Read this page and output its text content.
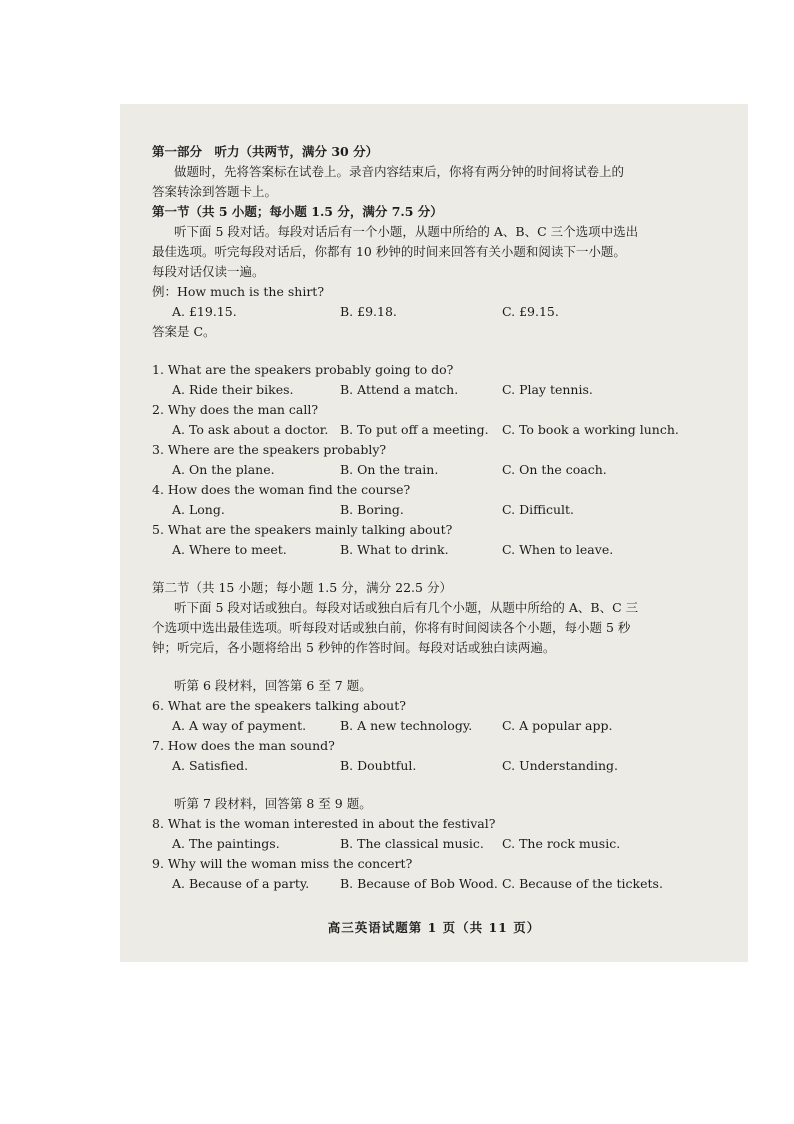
第一部分　听力（共两节，满分 30 分）
做题时，先将答案标在试卷上。录音内容结束后，你将有两分钟的时间将试卷上的
答案转涂到答题卡上。
第一节（共 5 小题；每小题 1.5 分，满分 7.5 分）
听下面 5 段对话。每段对话后有一个小题，从题中所给的 A、B、C 三个选项中选出
最佳选项。听完每段对话后，你都有 10 秒钟的时间来回答有关小题和阅读下一小题。
每段对话仅读一遍。
例：How much is the shirt?
A. £19.15.	B. £9.18.	C. £9.15.
答案是 C。
1. What are the speakers probably going to do?
A. Ride their bikes.	B. Attend a match.	C. Play tennis.
2. Why does the man call?
A. To ask about a doctor. B. To put off a meeting.	C. To book a working lunch.
3. Where are the speakers probably?
A. On the plane.	B. On the train.	C. On the coach.
4. How does the woman find the course?
A. Long.	B. Boring.	C. Difficult.
5. What are the speakers mainly talking about?
A. Where to meet.	B. What to drink.	C. When to leave.
第二节（共 15 小题；每小题 1.5 分，满分 22.5 分）
听下面 5 段对话或独白。每段对话或独白后有几个小题，从题中所给的 A、B、C 三
个选项中选出最佳选项。听每段对话或独白前，你将有时间阅读各个小题，每小题 5 秒
钟；听完后，各小题将给出 5 秒钟的作答时间。每段对话或独白读两遍。
听第 6 段材料，回答第 6 至 7 题。
6. What are the speakers talking about?
A. A way of payment.	B. A new technology.	C. A popular app.
7. How does the man sound?
A. Satisfied.	B. Doubtful.	C. Understanding.
听第 7 段材料，回答第 8 至 9 题。
8. What is the woman interested in about the festival?
A. The paintings.	B. The classical music.	C. The rock music.
9. Why will the woman miss the concert?
A. Because of a party.	B. Because of Bob Wood. C. Because of the tickets.
高三英语试题第 1 页（共 11 页）
